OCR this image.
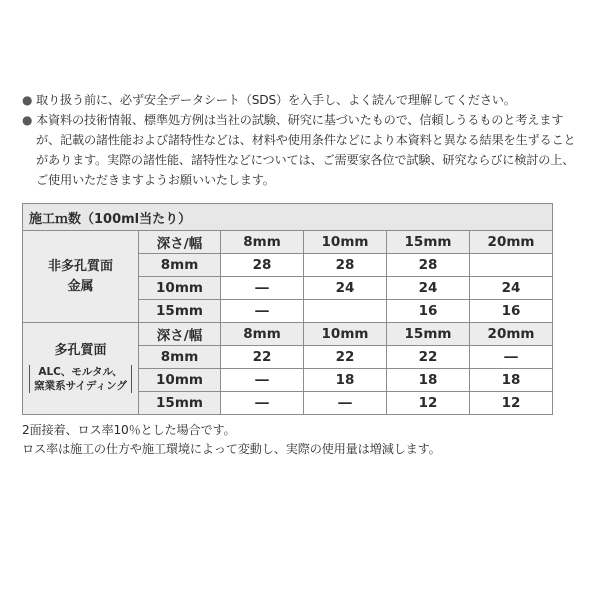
● 取り扱う前に、必ず安全データシート（SDS）を入手し、よく読んで理解してください。
● 本資料の技術情報、標準処方例は当社の試験、研究に基づいたもので、信頼しうるものと考えますが、記載の諸性能および諸特性などは、材料や使用条件などにより本資料と異なる結果を生ずることがあります。実際の諸性能、諸特性などについては、ご需要家各位で試験、研究ならびに検討の上、ご使用いただきますようお願いいたします。
施工ｍ数（100ml当たり）					

非多孔質面
金属	深さ/幅	8mm	10mm	15mm	20mm
	8mm	28	28	28	
	10mm	―	24	24	24
	15mm	―		16	16

多孔質面
ALC、モルタル、
窯業系サイディング	深さ/幅	8mm	10mm	15mm	20mm
	8mm	22	22	22	―
	10mm	―	18	18	18
	15mm	―	―	12	12
2面接着、ロス率10％とした場合です。
ロス率は施工の仕方や施工環境によって変動し、実際の使用量は増減します。
